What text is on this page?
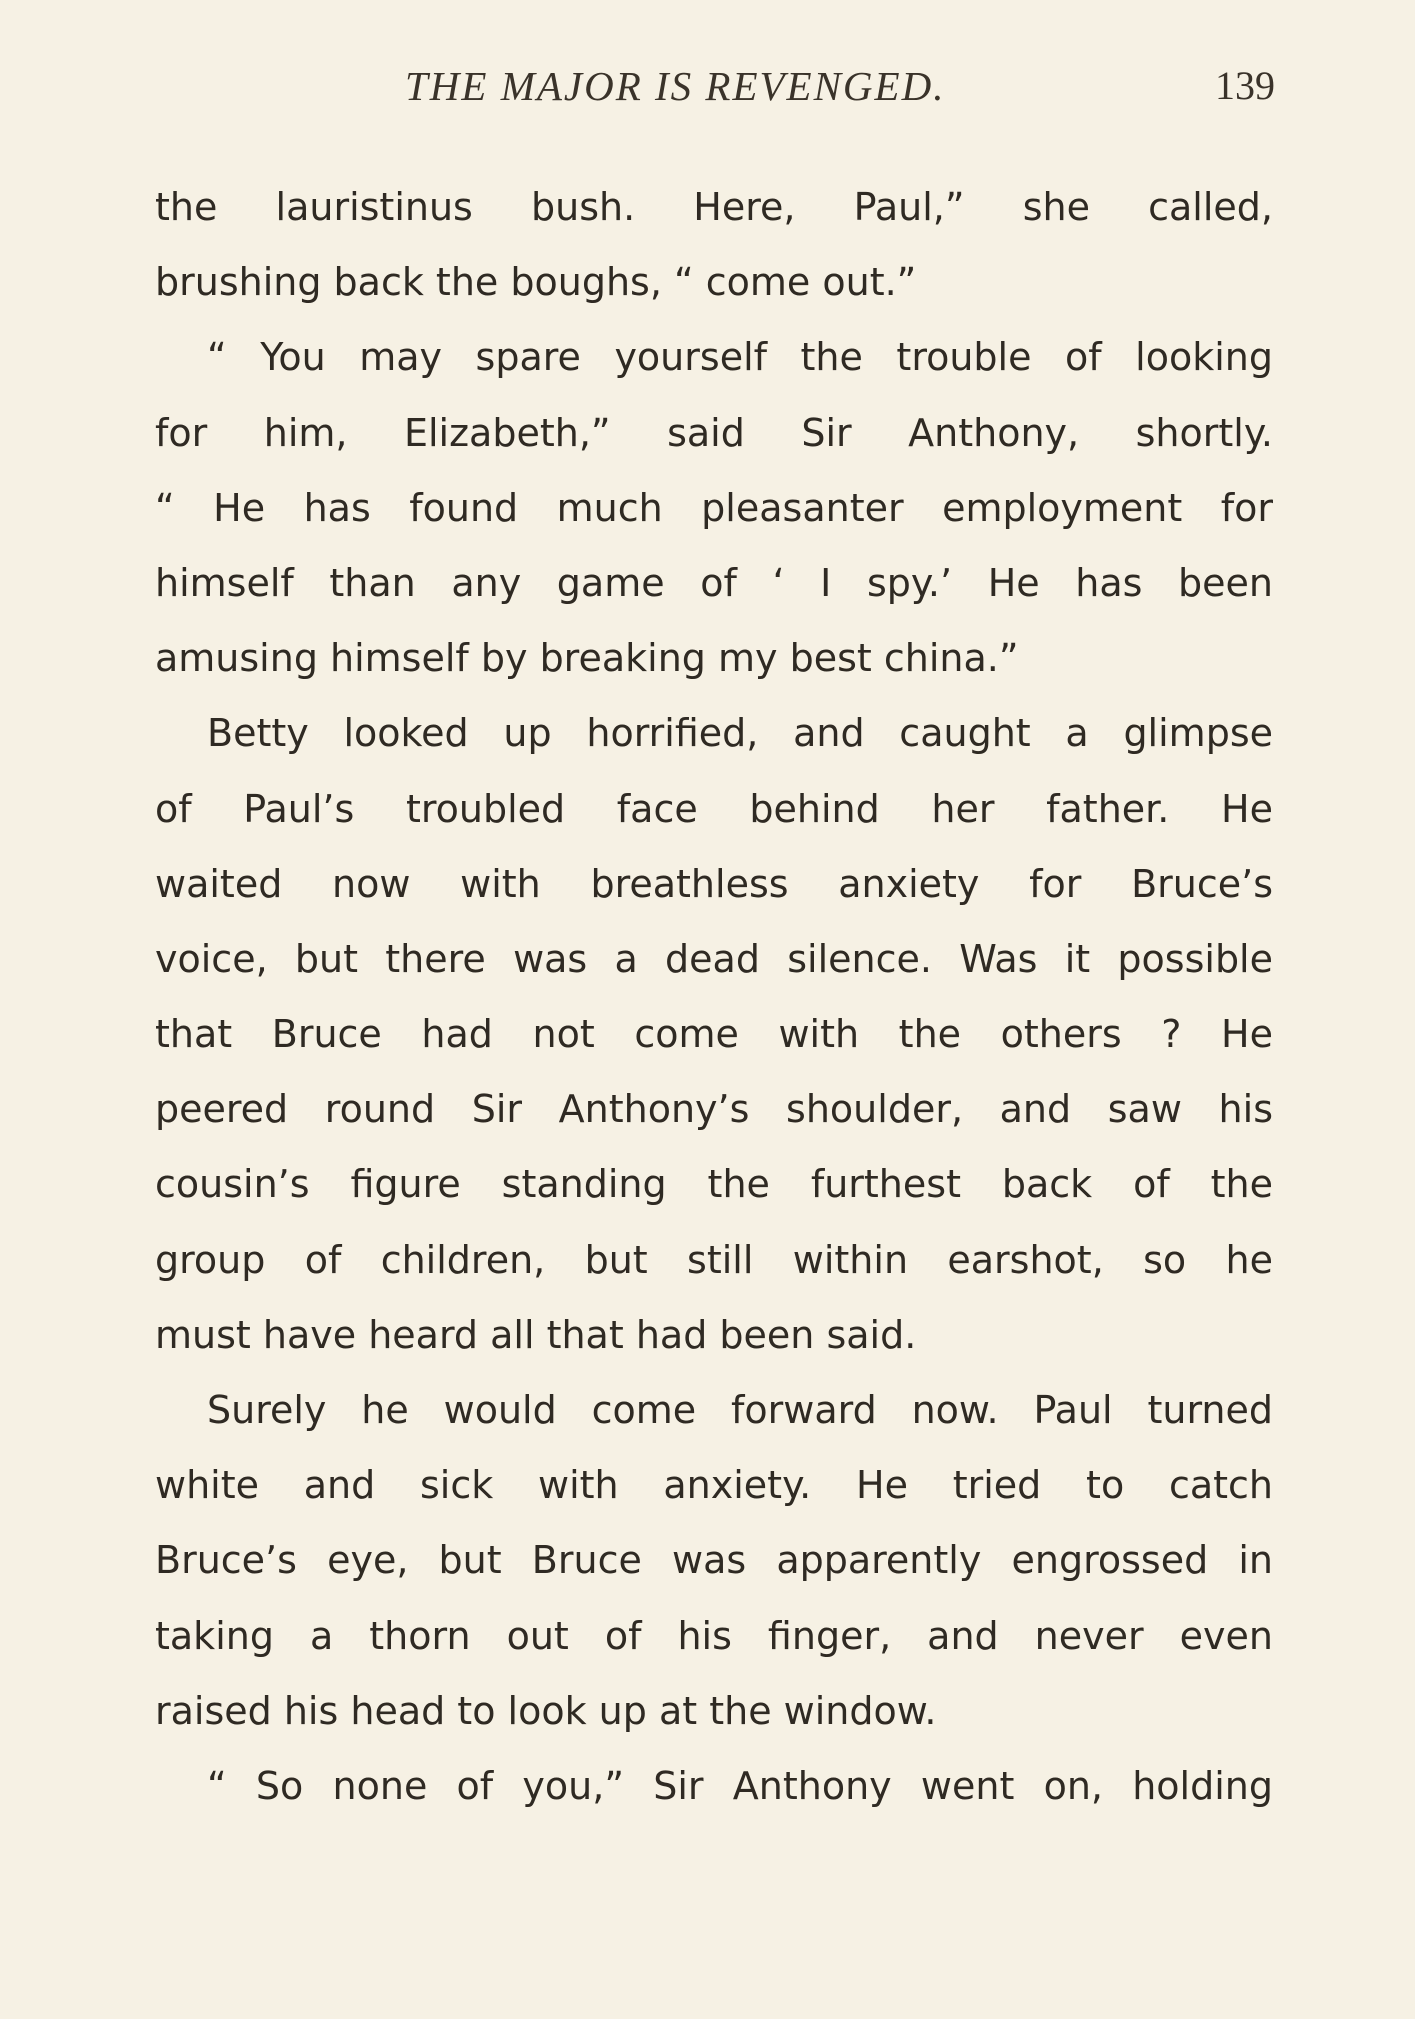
THE MAJOR IS REVENGED.	139
the lauristinus bush. Here, Paul,” she called,
brushing back the boughs, “ come out.”
“ You may spare yourself the trouble of looking
for him, Elizabeth,” said Sir Anthony, shortly.
“ He has found much pleasanter employment for
himself than any game of ‘ I spy.’ He has been
amusing himself by breaking my best china.”
Betty looked up horrified, and caught a glimpse
of Paul’s troubled face behind her father. He
waited now with breathless anxiety for Bruce’s
voice, but there was a dead silence. Was it possible
that Bruce had not come with the others ? He
peered round Sir Anthony’s shoulder, and saw his
cousin’s figure standing the furthest back of the
group of children, but still within earshot, so he
must have heard all that had been said.
Surely he would come forward now. Paul turned
white and sick with anxiety. He tried to catch
Bruce’s eye, but Bruce was apparently engrossed in
taking a thorn out of his finger, and never even
raised his head to look up at the window.
“ So none of you,” Sir Anthony went on, holding
